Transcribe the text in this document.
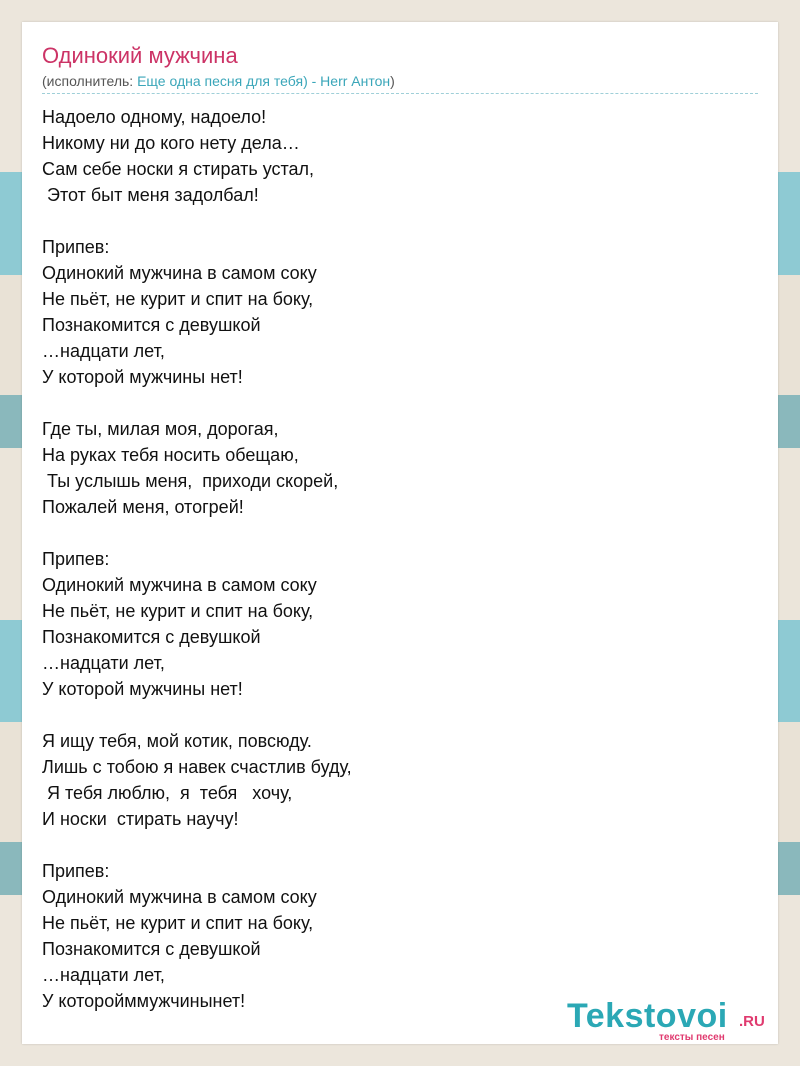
Одинокий мужчина
(исполнитель: Еще одна песня для тебя) - Herr Антон)
Надоело одному, надоело!
Никому ни до кого нету дела…
Сам себе носки я стирать устал,
Этот быт меня задолбал!
Припев:
Одинокий мужчина в самом соку
Не пьёт, не курит и спит на боку,
Познакомится с девушкой
…надцати лет,
У которой мужчины нет!
Где ты, милая моя, дорогая,
На руках тебя носить обещаю,
Ты услышь меня,  приходи скорей,
Пожалей меня, отогрей!
Припев:
Одинокий мужчина в самом соку
Не пьёт, не курит и спит на боку,
Познакомится с девушкой
…надцати лет,
У которой мужчины нет!
Я ищу тебя, мой котик, повсюду.
Лишь с тобою я навек счастлив буду,
Я тебя люблю,  я  тебя   хочу,
И носки  стирать научу!
Припев:
Одинокий мужчина в самом соку
Не пьёт, не курит и спит на боку,
Познакомится с девушкой
…надцати лет,
У которойммужчинынет!	Tekstovoi .RU
тексты песен
